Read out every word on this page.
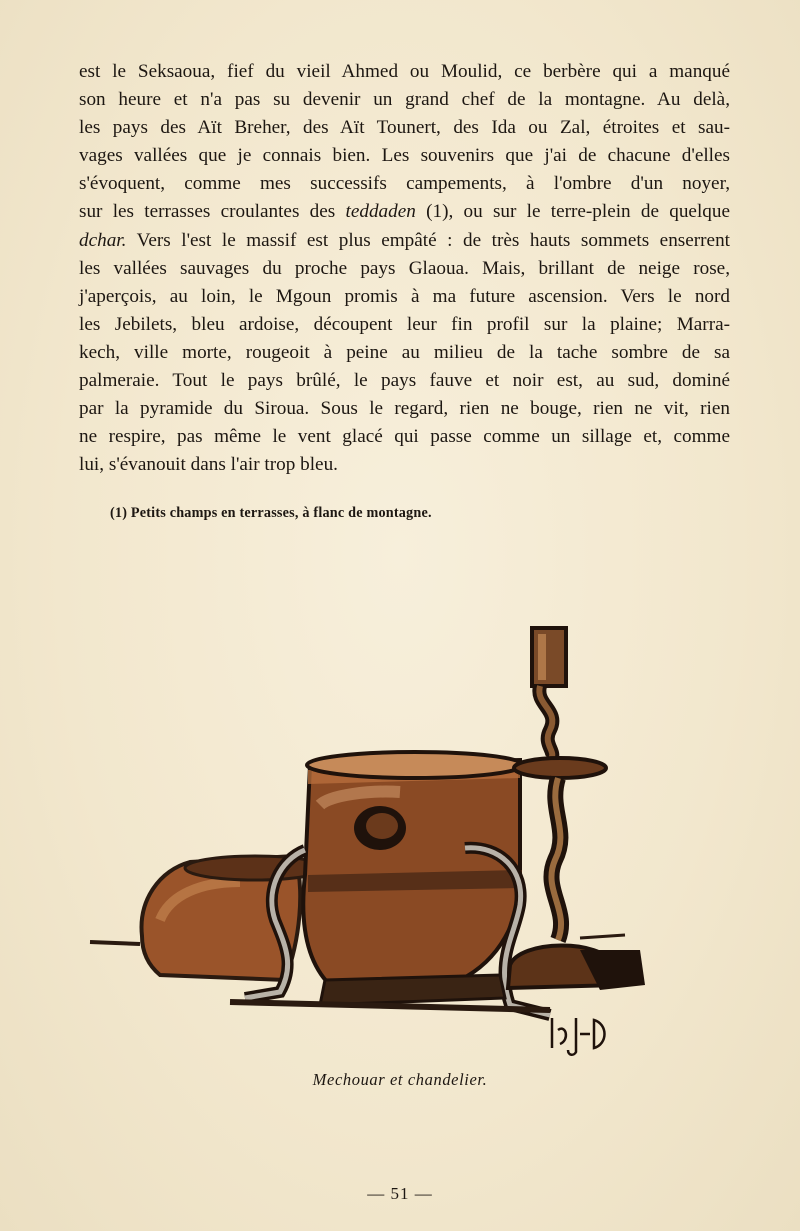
est le Seksaoua, fief du vieil Ahmed ou Moulid, ce berbère qui a manqué
son heure et n'a pas su devenir un grand chef de la montagne. Au delà,
les pays des Aït Breher, des Aït Tounert, des Ida ou Zal, étroites et sau-
vages vallées que je connais bien. Les souvenirs que j'ai de chacune d'elles
s'évoquent, comme mes successifs campements, à l'ombre d'un noyer,
sur les terrasses croulantes des teddaden (1), ou sur le terre-plein de quelque
dchar. Vers l'est le massif est plus empâté : de très hauts sommets enserrent
les vallées sauvages du proche pays Glaoua. Mais, brillant de neige rose,
j'aperçois, au loin, le Mgoun promis à ma future ascension. Vers le nord
les Jebilets, bleu ardoise, découpent leur fin profil sur la plaine; Marra-
kech, ville morte, rougeoit à peine au milieu de la tache sombre de sa
palmeraie. Tout le pays brûlé, le pays fauve et noir est, au sud, dominé
par la pyramide du Siroua. Sous le regard, rien ne bouge, rien ne vit, rien
ne respire, pas même le vent glacé qui passe comme un sillage et, comme
lui, s'évanouit dans l'air trop bleu.
(1) Petits champs en terrasses, à flanc de montagne.
Mechouar et chandelier.
— 51 —
